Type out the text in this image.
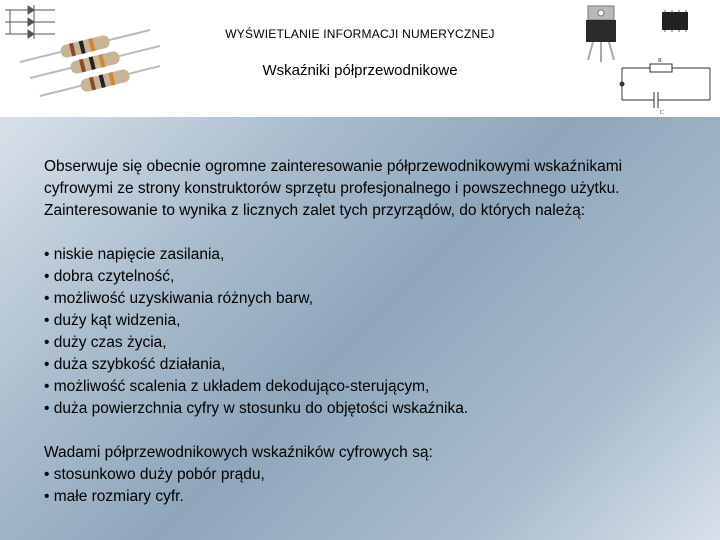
WYŚWIETLANIE INFORMACJI NUMERYCZNEJ
Wskaźniki półprzewodnikowe
R
C

Obserwuje się obecnie ogromne zainteresowanie półprzewodnikowymi wskaźnikami cyfrowymi ze strony konstruktorów sprzętu profesjonalnego i powszechnego użytku. Zainteresowanie to wynika z licznych zalet tych przyrządów, do których należą:

• niskie napięcie zasilania,
• dobra czytelność,
• możliwość uzyskiwania różnych barw,
• duży kąt widzenia,
• duży czas życia,
• duża szybkość działania,
• możliwość scalenia z układem dekodująco-sterującym,
• duża powierzchnia cyfry w stosunku do objętości wskaźnika.

Wadami półprzewodnikowych wskaźników cyfrowych są:

• stosunkowo duży pobór prądu,
• małe rozmiary cyfr.
